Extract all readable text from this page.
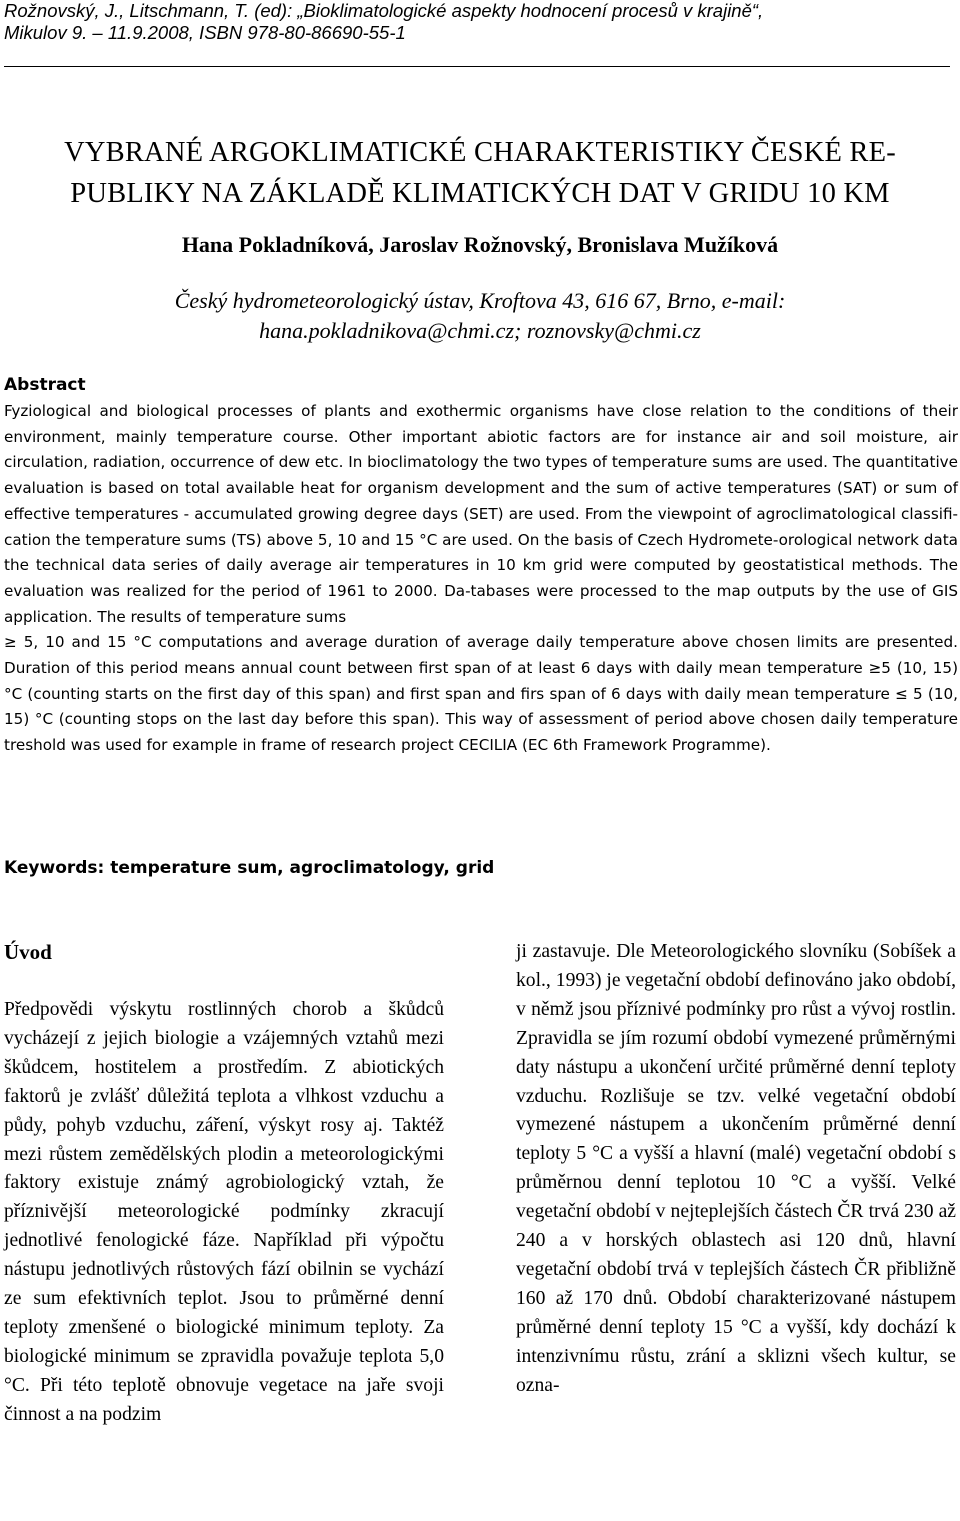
Rožnovský, J., Litschmann, T. (ed): „Bioklimatologické aspekty hodnocení procesů v krajině“,
Mikulov 9. – 11.9.2008, ISBN 978-80-86690-55-1
VYBRANÉ ARGOKLIMATICKÉ CHARAKTERISTIKY ČESKÉ RE-
PUBLIKY NA ZÁKLADĚ KLIMATICKÝCH DAT V GRIDU 10 KM
Hana Pokladníková, Jaroslav Rožnovský, Bronislava Mužíková
Český hydrometeorologický ústav, Kroftova 43, 616 67, Brno, e-mail:
hana.pokladnikova@chmi.cz; roznovsky@chmi.cz
Abstract

Fyziological and biological processes of plants and exothermic organisms have close relation to the conditions of their environment, mainly temperature course. Other important abiotic factors are for instance air and soil moisture, air circulation, radiation, occurrence of dew etc. In bioclimatology the two types of temperature sums are used. The quantitative evaluation is based on total available heat for organism development and the sum of active temperatures (SAT) or sum of effective temperatures - accumulated growing degree days (SET) are used. From the viewpoint of agroclimatological classifi-cation the temperature sums (TS) above 5, 10 and 15 °C are used. On the basis of Czech Hydromete-orological network data the technical data series of daily average air temperatures in 10 km grid were computed by geostatistical methods. The evaluation was realized for the period of 1961 to 2000. Da-tabases were processed to the map outputs by the use of GIS application. The results of temperature sums

≥ 5, 10 and 15 °C computations and average duration of average daily temperature above chosen limits are presented. Duration of this period means annual count between first span of at least 6 days with daily mean temperature ≥5 (10, 15) °C (counting starts on the first day of this span) and first span and firs span of 6 days with daily mean temperature ≤ 5 (10, 15) °C (counting stops on the last day before this span). This way of assessment of period above chosen daily temperature treshold was used for example in frame of research project CECILIA (EC 6th Framework Programme).

Keywords: temperature sum, agroclimatology, grid
Úvod

Předpovědi výskytu rostlinných chorob a škůdců vycházejí z jejich biologie a vzájemných vztahů mezi škůdcem, hostitelem a prostředím. Z abiotických faktorů je zvlášť důležitá teplota a vlhkost vzduchu a půdy, pohyb vzduchu, záření, výskyt rosy aj. Taktéž mezi růstem zemědělských plodin a meteorologickými faktory existuje známý agrobiologický vztah, že příznivější meteorologické podmínky zkracují jednotlivé fenologické fáze. Například při výpočtu nástupu jednotlivých růstových fází obilnin se vychází ze sum efektivních teplot. Jsou to průměrné denní teploty zmenšené o biologické minimum teploty. Za biologické minimum se zpravidla považuje teplota 5,0 °C. Při této teplotě obnovuje vegetace na jaře svoji činnost a na podzim

ji zastavuje. Dle Meteorologického slovníku (Sobíšek a kol., 1993) je vegetační období definováno jako období, v němž jsou příznivé podmínky pro růst a vývoj rostlin. Zpravidla se jím rozumí období vymezené průměrnými daty nástupu a ukončení určité průměrné denní teploty vzduchu. Rozlišuje se tzv. velké vegetační období vymezené nástupem a ukončením průměrné denní teploty 5 °C a vyšší a hlavní (malé) vegetační období s průměrnou denní teplotou 10 °C a vyšší. Velké vegetační období v nejteplejších částech ČR trvá 230 až 240 a v horských oblastech asi 120 dnů, hlavní vegetační období trvá v teplejších částech ČR přibližně 160 až 170 dnů. Období charakterizované nástupem průměrné denní teploty 15 °C a vyšší, kdy dochází k intenzivnímu růstu, zrání a sklizni všech kultur, se ozna-
